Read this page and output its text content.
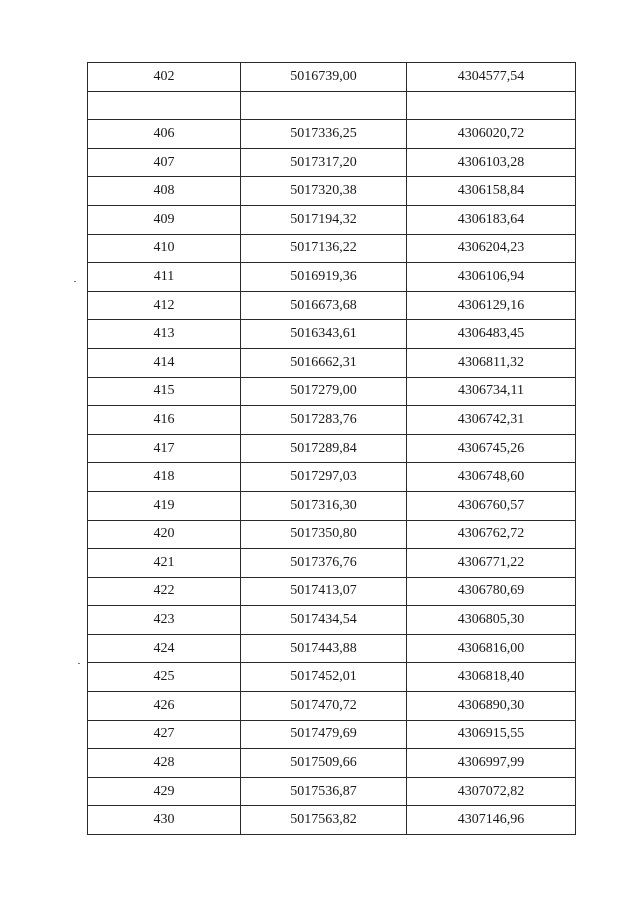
402	5016739,00	4304577,54

406	5017336,25	4306020,72
407	5017317,20	4306103,28
408	5017320,38	4306158,84
409	5017194,32	4306183,64
410	5017136,22	4306204,23
411	5016919,36	4306106,94
412	5016673,68	4306129,16
413	5016343,61	4306483,45
414	5016662,31	4306811,32
415	5017279,00	4306734,11
416	5017283,76	4306742,31
417	5017289,84	4306745,26
418	5017297,03	4306748,60
419	5017316,30	4306760,57
420	5017350,80	4306762,72
421	5017376,76	4306771,22
422	5017413,07	4306780,69
423	5017434,54	4306805,30
424	5017443,88	4306816,00
425	5017452,01	4306818,40
426	5017470,72	4306890,30
427	5017479,69	4306915,55
428	5017509,66	4306997,99
429	5017536,87	4307072,82
430	5017563,82	4307146,96
